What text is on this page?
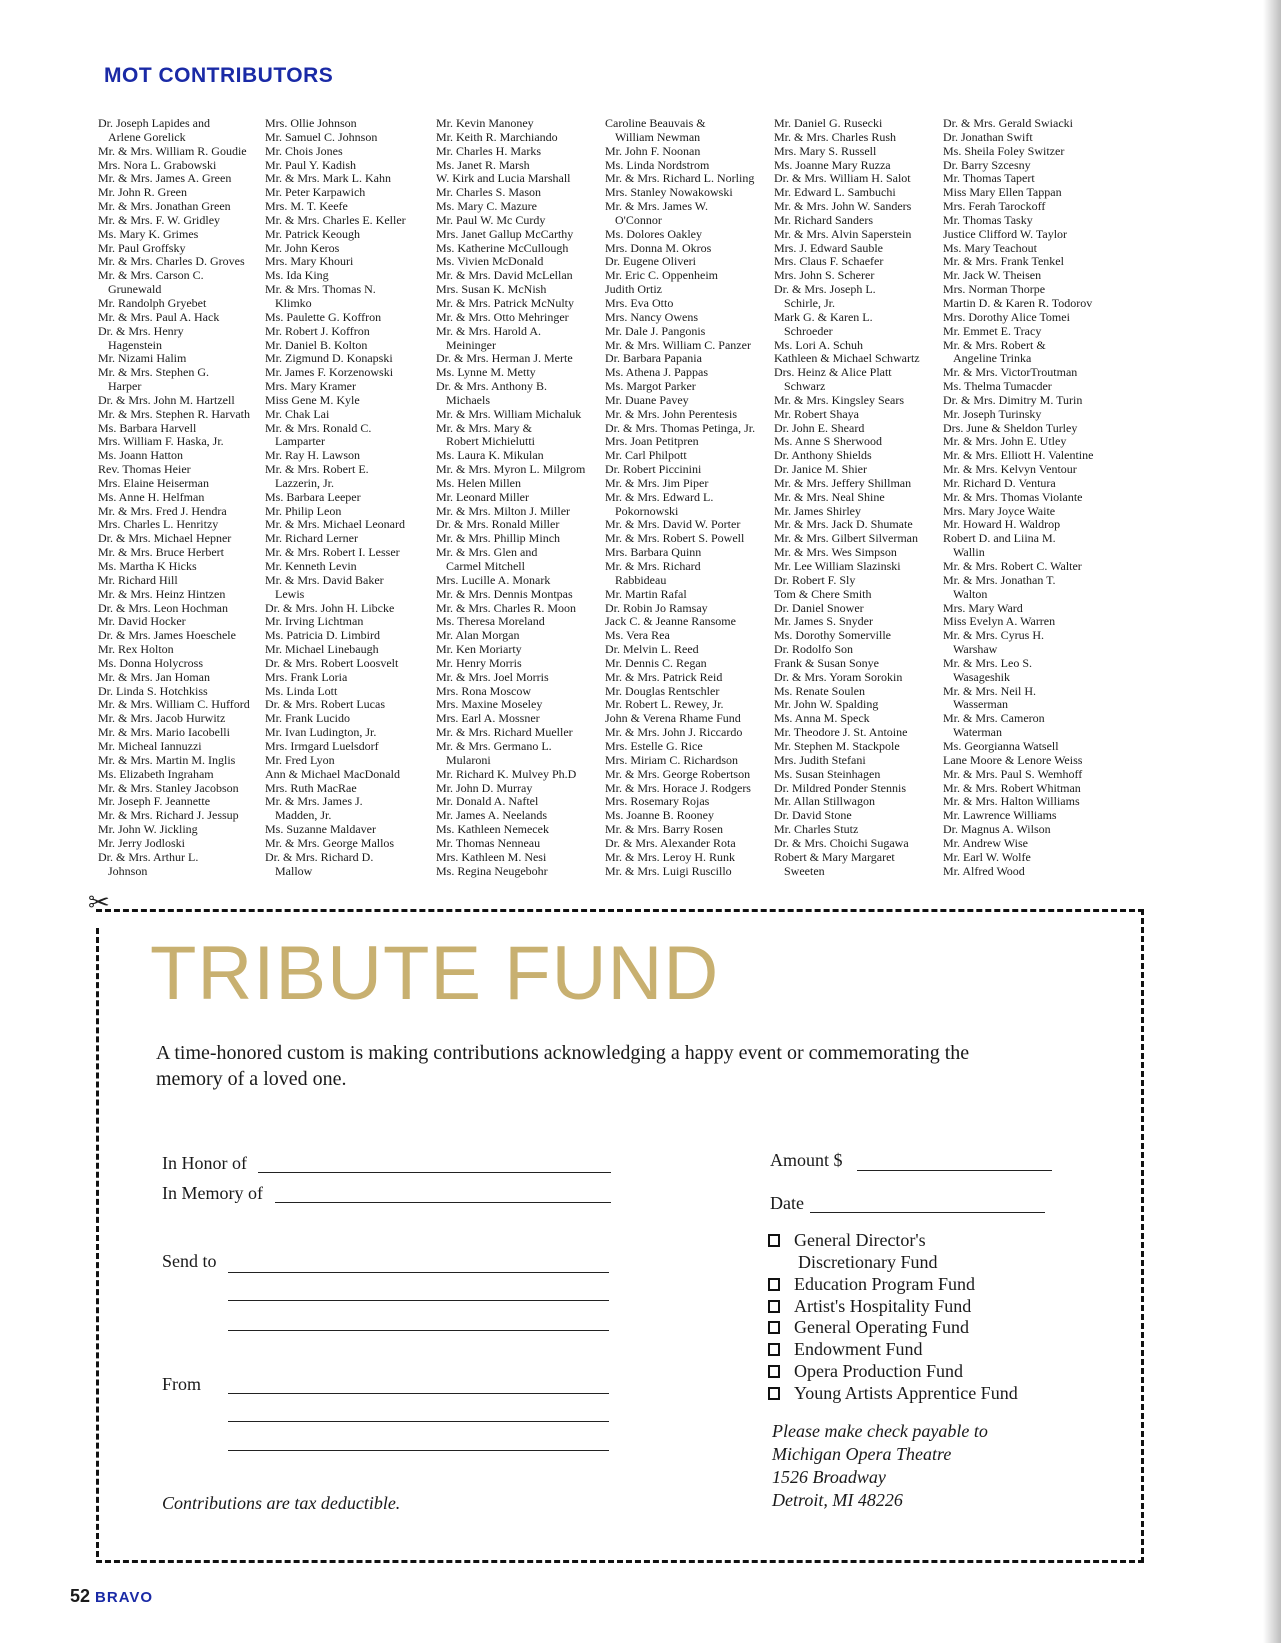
MOT CONTRIBUTORS
Dr. Joseph Lapides and
Arlene Gorelick
Mr. & Mrs. William R. Goudie
Mrs. Nora L. Grabowski
Mr. & Mrs. James A. Green
Mr. John R. Green
Mr. & Mrs. Jonathan Green
Mr. & Mrs. F. W. Gridley
Ms. Mary K. Grimes
Mr. Paul Groffsky
Mr. & Mrs. Charles D. Groves
Mr. & Mrs. Carson C.
Grunewald
Mr. Randolph Gryebet
Mr. & Mrs. Paul A. Hack
Dr. & Mrs. Henry
Hagenstein
Mr. Nizami Halim
Mr. & Mrs. Stephen G.
Harper
Dr. & Mrs. John M. Hartzell
Mr. & Mrs. Stephen R. Harvath
Ms. Barbara Harvell
Mrs. William F. Haska, Jr.
Ms. Joann Hatton
Rev. Thomas Heier
Mrs. Elaine Heiserman
Ms. Anne H. Helfman
Mr. & Mrs. Fred J. Hendra
Mrs. Charles L. Henritzy
Dr. & Mrs. Michael Hepner
Mr. & Mrs. Bruce Herbert
Ms. Martha K Hicks
Mr. Richard Hill
Mr. & Mrs. Heinz Hintzen
Dr. & Mrs. Leon Hochman
Mr. David Hocker
Dr. & Mrs. James Hoeschele
Mr. Rex Holton
Ms. Donna Holycross
Mr. & Mrs. Jan Homan
Dr. Linda S. Hotchkiss
Mr. & Mrs. William C. Hufford
Mr. & Mrs. Jacob Hurwitz
Mr. & Mrs. Mario Iacobelli
Mr. Micheal Iannuzzi
Mr. & Mrs. Martin M. Inglis
Ms. Elizabeth Ingraham
Mr. & Mrs. Stanley Jacobson
Mr. Joseph F. Jeannette
Mr. & Mrs. Richard J. Jessup
Mr. John W. Jickling
Mr. Jerry Jodloski
Dr. & Mrs. Arthur L.
Johnson
Mrs. Ollie Johnson
Mr. Samuel C. Johnson
Mr. Chois Jones
Mr. Paul Y. Kadish
Mr. & Mrs. Mark L. Kahn
Mr. Peter Karpawich
Mrs. M. T. Keefe
Mr. & Mrs. Charles E. Keller
Mr. Patrick Keough
Mr. John Keros
Mrs. Mary Khouri
Ms. Ida King
Mr. & Mrs. Thomas N.
Klimko
Ms. Paulette G. Koffron
Mr. Robert J. Koffron
Mr. Daniel B. Kolton
Mr. Zigmund D. Konapski
Mr. James F. Korzenowski
Mrs. Mary Kramer
Miss Gene M. Kyle
Mr. Chak Lai
Mr. & Mrs. Ronald C.
Lamparter
Mr. Ray H. Lawson
Mr. & Mrs. Robert E.
Lazzerin, Jr.
Ms. Barbara Leeper
Mr. Philip Leon
Mr. & Mrs. Michael Leonard
Mr. Richard Lerner
Mr. & Mrs. Robert I. Lesser
Mr. Kenneth Levin
Mr. & Mrs. David Baker
Lewis
Dr. & Mrs. John H. Libcke
Mr. Irving Lichtman
Ms. Patricia D. Limbird
Mr. Michael Linebaugh
Dr. & Mrs. Robert Loosvelt
Mrs. Frank Loria
Ms. Linda Lott
Dr. & Mrs. Robert Lucas
Mr. Frank Lucido
Mr. Ivan Ludington, Jr.
Mrs. Irmgard Luelsdorf
Mr. Fred Lyon
Ann & Michael MacDonald
Mrs. Ruth MacRae
Mr. & Mrs. James J.
Madden, Jr.
Ms. Suzanne Maldaver
Mr. & Mrs. George Mallos
Dr. & Mrs. Richard D.
Mallow
Mr. Kevin Manoney
Mr. Keith R. Marchiando
Mr. Charles H. Marks
Ms. Janet R. Marsh
W. Kirk and Lucia Marshall
Mr. Charles S. Mason
Ms. Mary C. Mazure
Mr. Paul W. Mc Curdy
Mrs. Janet Gallup McCarthy
Ms. Katherine McCullough
Ms. Vivien McDonald
Mr. & Mrs. David McLellan
Mrs. Susan K. McNish
Mr. & Mrs. Patrick McNulty
Mr. & Mrs. Otto Mehringer
Mr. & Mrs. Harold A.
Meininger
Dr. & Mrs. Herman J. Merte
Ms. Lynne M. Metty
Dr. & Mrs. Anthony B.
Michaels
Mr. & Mrs. William Michaluk
Mr. & Mrs. Mary &
Robert Michielutti
Ms. Laura K. Mikulan
Mr. & Mrs. Myron L. Milgrom
Ms. Helen Millen
Mr. Leonard Miller
Mr. & Mrs. Milton J. Miller
Dr. & Mrs. Ronald Miller
Mr. & Mrs. Phillip Minch
Mr. & Mrs. Glen and
Carmel Mitchell
Mrs. Lucille A. Monark
Mr. & Mrs. Dennis Montpas
Mr. & Mrs. Charles R. Moon
Ms. Theresa Moreland
Mr. Alan Morgan
Mr. Ken Moriarty
Mr. Henry Morris
Mr. & Mrs. Joel Morris
Mrs. Rona Moscow
Mrs. Maxine Moseley
Mrs. Earl A. Mossner
Mr. & Mrs. Richard Mueller
Mr. & Mrs. Germano L.
Mularoni
Mr. Richard K. Mulvey Ph.D
Mr. John D. Murray
Mr. Donald A. Naftel
Mr. James A. Neelands
Ms. Kathleen Nemecek
Mr. Thomas Nenneau
Mrs. Kathleen M. Nesi
Ms. Regina Neugebohr
Caroline Beauvais &
William Newman
Mr. John F. Noonan
Ms. Linda Nordstrom
Mr. & Mrs. Richard L. Norling
Mrs. Stanley Nowakowski
Mr. & Mrs. James W.
O'Connor
Ms. Dolores Oakley
Mrs. Donna M. Okros
Dr. Eugene Oliveri
Mr. Eric C. Oppenheim
Judith Ortiz
Mrs. Eva Otto
Mrs. Nancy Owens
Mr. Dale J. Pangonis
Mr. & Mrs. William C. Panzer
Dr. Barbara Papania
Ms. Athena J. Pappas
Ms. Margot Parker
Mr. Duane Pavey
Mr. & Mrs. John Perentesis
Dr. & Mrs. Thomas Petinga, Jr.
Mrs. Joan Petitpren
Mr. Carl Philpott
Dr. Robert Piccinini
Mr. & Mrs. Jim Piper
Mr. & Mrs. Edward L.
Pokornowski
Mr. & Mrs. David W. Porter
Mr. & Mrs. Robert S. Powell
Mrs. Barbara Quinn
Mr. & Mrs. Richard
Rabbideau
Mr. Martin Rafal
Dr. Robin Jo Ramsay
Jack C. & Jeanne Ransome
Ms. Vera Rea
Dr. Melvin L. Reed
Mr. Dennis C. Regan
Mr. & Mrs. Patrick Reid
Mr. Douglas Rentschler
Mr. Robert L. Rewey, Jr.
John & Verena Rhame Fund
Mr. & Mrs. John J. Riccardo
Mrs. Estelle G. Rice
Mrs. Miriam C. Richardson
Mr. & Mrs. George Robertson
Mr. & Mrs. Horace J. Rodgers
Mrs. Rosemary Rojas
Ms. Joanne B. Rooney
Mr. & Mrs. Barry Rosen
Dr. & Mrs. Alexander Rota
Mr. & Mrs. Leroy H. Runk
Mr. & Mrs. Luigi Ruscillo
Mr. Daniel G. Rusecki
Mr. & Mrs. Charles Rush
Mrs. Mary S. Russell
Ms. Joanne Mary Ruzza
Dr. & Mrs. William H. Salot
Mr. Edward L. Sambuchi
Mr. & Mrs. John W. Sanders
Mr. Richard Sanders
Mr. & Mrs. Alvin Saperstein
Mrs. J. Edward Sauble
Mrs. Claus F. Schaefer
Mrs. John S. Scherer
Dr. & Mrs. Joseph L.
Schirle, Jr.
Mark G. & Karen L.
Schroeder
Ms. Lori A. Schuh
Kathleen & Michael Schwartz
Drs. Heinz & Alice Platt
Schwarz
Mr. & Mrs. Kingsley Sears
Mr. Robert Shaya
Dr. John E. Sheard
Ms. Anne S Sherwood
Dr. Anthony Shields
Dr. Janice M. Shier
Mr. & Mrs. Jeffery Shillman
Mr. & Mrs. Neal Shine
Mr. James Shirley
Mr. & Mrs. Jack D. Shumate
Mr. & Mrs. Gilbert Silverman
Mr. & Mrs. Wes Simpson
Mr. Lee William Slazinski
Dr. Robert F. Sly
Tom & Chere Smith
Dr. Daniel Snower
Mr. James S. Snyder
Ms. Dorothy Somerville
Dr. Rodolfo Son
Frank & Susan Sonye
Dr. & Mrs. Yoram Sorokin
Ms. Renate Soulen
Mr. John W. Spalding
Ms. Anna M. Speck
Mr. Theodore J. St. Antoine
Mr. Stephen M. Stackpole
Mrs. Judith Stefani
Ms. Susan Steinhagen
Dr. Mildred Ponder Stennis
Mr. Allan Stillwagon
Dr. David Stone
Mr. Charles Stutz
Dr. & Mrs. Choichi Sugawa
Robert & Mary Margaret
Sweeten
Dr. & Mrs. Gerald Swiacki
Dr. Jonathan Swift
Ms. Sheila Foley Switzer
Dr. Barry Szcesny
Mr. Thomas Tapert
Miss Mary Ellen Tappan
Mrs. Ferah Tarockoff
Mr. Thomas Tasky
Justice Clifford W. Taylor
Ms. Mary Teachout
Mr. & Mrs. Frank Tenkel
Mr. Jack W. Theisen
Mrs. Norman Thorpe
Martin D. & Karen R. Todorov
Mrs. Dorothy Alice Tomei
Mr. Emmet E. Tracy
Mr. & Mrs. Robert &
Angeline Trinka
Mr. & Mrs. VictorTroutman
Ms. Thelma Tumacder
Dr. & Mrs. Dimitry M. Turin
Mr. Joseph Turinsky
Drs. June & Sheldon Turley
Mr. & Mrs. John E. Utley
Mr. & Mrs. Elliott H. Valentine
Mr. & Mrs. Kelvyn Ventour
Mr. Richard D. Ventura
Mr. & Mrs. Thomas Violante
Mrs. Mary Joyce Waite
Mr. Howard H. Waldrop
Robert D. and Liina M.
Wallin
Mr. & Mrs. Robert C. Walter
Mr. & Mrs. Jonathan T.
Walton
Mrs. Mary Ward
Miss Evelyn A. Warren
Mr. & Mrs. Cyrus H.
Warshaw
Mr. & Mrs. Leo S.
Wasageshik
Mr. & Mrs. Neil H.
Wasserman
Mr. & Mrs. Cameron
Waterman
Ms. Georgianna Watsell
Lane Moore & Lenore Weiss
Mr. & Mrs. Paul S. Wemhoff
Mr. & Mrs. Robert Whitman
Mr. & Mrs. Halton Williams
Mr. Lawrence Williams
Dr. Magnus A. Wilson
Mr. Andrew Wise
Mr. Earl W. Wolfe
Mr. Alfred Wood
✂
TRIBUTE FUND
A time-honored custom is making contributions acknowledging a happy event or commemorating the memory of a loved one.
In Honor of
In Memory of
Send to
From
Amount $
Date
General Director's
Discretionary Fund
Education Program Fund
Artist's Hospitality Fund
General Operating Fund
Endowment Fund
Opera Production Fund
Young Artists Apprentice Fund
Please make check payable to
Michigan Opera Theatre
1526 Broadway
Detroit, MI 48226
Contributions are tax deductible.
52 BRAVO
